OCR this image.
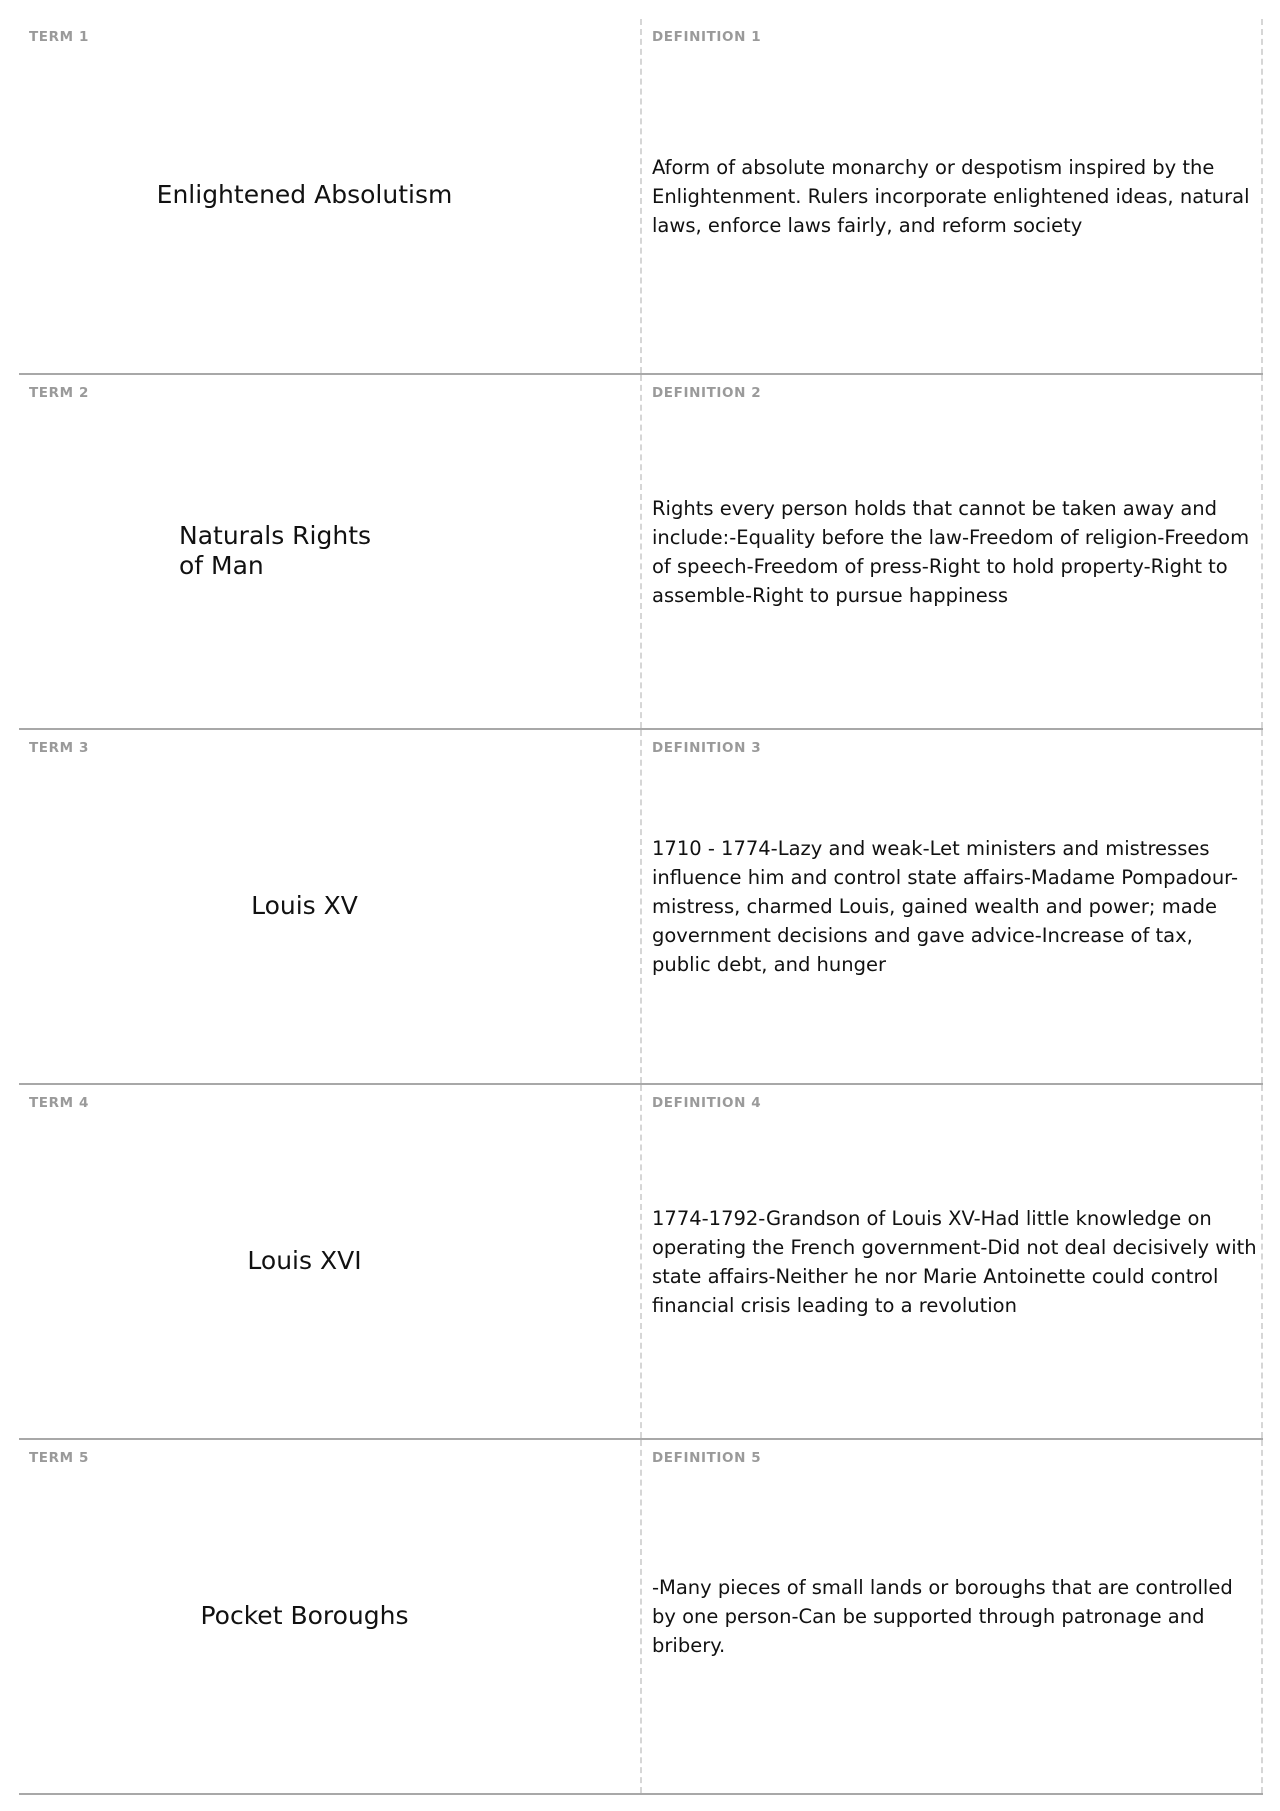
TERM 1
Enlightened Absolutism
DEFINITION 1
Aform of absolute monarchy or despotism inspired by the Enlightenment. Rulers incorporate enlightened ideas, natural laws, enforce laws fairly, and reform society
TERM 2
Naturals Rights of Man
DEFINITION 2
Rights every person holds that cannot be taken away and include:-Equality before the law-Freedom of religion-Freedom of speech-Freedom of press-Right to hold property-Right to assemble-Right to pursue happiness
TERM 3
Louis XV
DEFINITION 3
1710 - 1774-Lazy and weak-Let ministers and mistresses influence him and control state affairs-Madame Pompadour-mistress, charmed Louis, gained wealth and power; made government decisions and gave advice-Increase of tax, public debt, and hunger
TERM 4
Louis XVI
DEFINITION 4
1774-1792-Grandson of Louis XV-Had little knowledge on operating the French government-Did not deal decisively with state affairs-Neither he nor Marie Antoinette could control financial crisis leading to a revolution
TERM 5
Pocket Boroughs
DEFINITION 5
-Many pieces of small lands or boroughs that are controlled by one person-Can be supported through patronage and bribery.
